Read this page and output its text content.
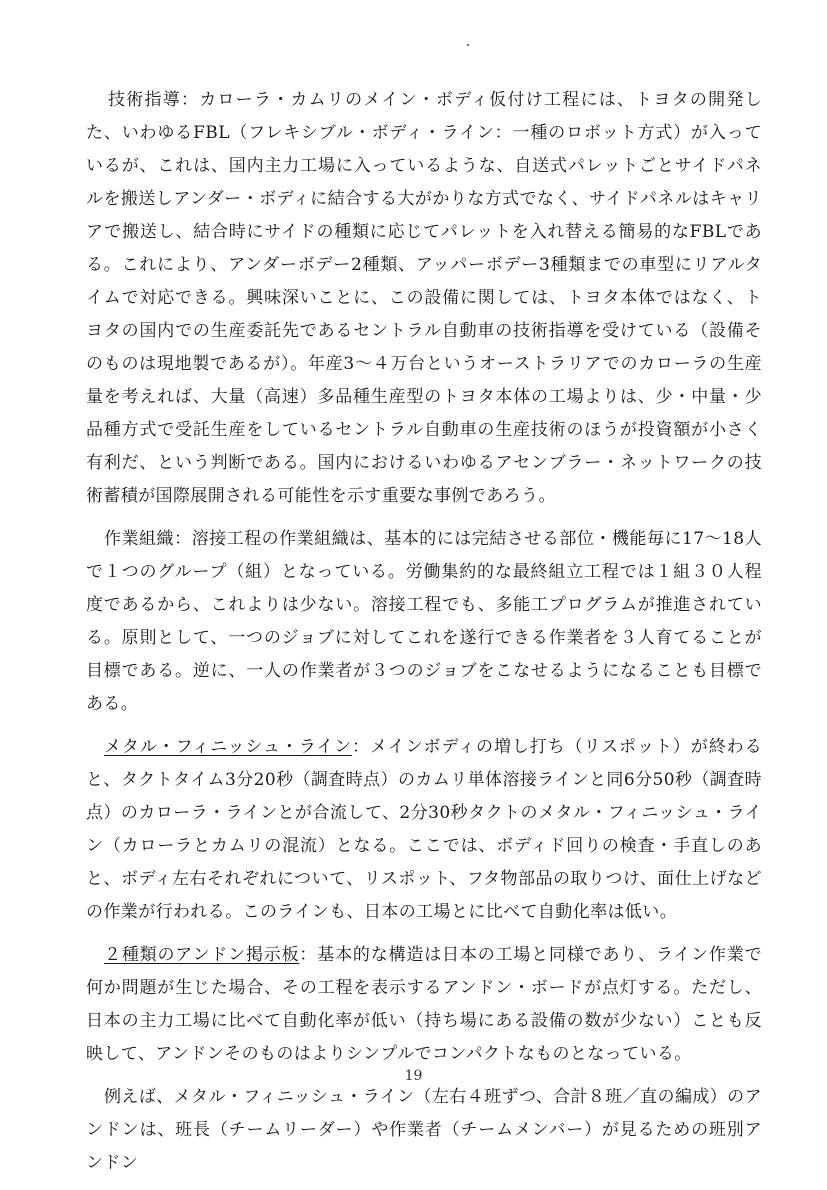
技術指導：カローラ・カムリのメイン・ボディ仮付け工程には、トヨタの開発した、いわゆるFBL（フレキシブル・ボディ・ライン：一種のロボット方式）が入っているが、これは、国内主力工場に入っているような、自送式パレットごとサイドパネルを搬送しアンダー・ボディに結合する大がかりな方式でなく、サイドパネルはキャリアで搬送し、結合時にサイドの種類に応じてパレットを入れ替える簡易的なFBLである。これにより、アンダーボデー2種類、アッパーボデー3種類までの車型にリアルタイムで対応できる。興味深いことに、この設備に関しては、トヨタ本体ではなく、トヨタの国内での生産委託先であるセントラル自動車の技術指導を受けている（設備そのものは現地製であるが）。年産3～４万台というオーストラリアでのカローラの生産量を考えれば、大量（高速）多品種生産型のトヨタ本体の工場よりは、少・中量・少品種方式で受託生産をしているセントラル自動車の生産技術のほうが投資額が小さく有利だ、という判断である。国内におけるいわゆるアセンブラー・ネットワークの技術蓄積が国際展開される可能性を示す重要な事例であろう。

作業組織：溶接工程の作業組織は、基本的には完結させる部位・機能毎に17～18人で１つのグループ（組）となっている。労働集約的な最終組立工程では１組３０人程度であるから、これよりは少ない。溶接工程でも、多能工プログラムが推進されている。原則として、一つのジョブに対してこれを遂行できる作業者を３人育てることが目標である。逆に、一人の作業者が３つのジョブをこなせるようになることも目標である。

メタル・フィニッシュ・ライン：メインボディの増し打ち（リスポット）が終わると、タクトタイム3分20秒（調査時点）のカムリ単体溶接ラインと同6分50秒（調査時点）のカローラ・ラインとが合流して、2分30秒タクトのメタル・フィニッシュ・ライン（カローラとカムリの混流）となる。ここでは、ボディド回りの検査・手直しのあと、ボディ左右それぞれについて、リスポット、フタ物部品の取りつけ、面仕上げなどの作業が行われる。このラインも、日本の工場とに比べて自動化率は低い。

２種類のアンドン掲示板：基本的な構造は日本の工場と同様であり、ライン作業で何か問題が生じた場合、その工程を表示するアンドン・ボードが点灯する。ただし、日本の主力工場に比べて自動化率が低い（持ち場にある設備の数が少ない）ことも反映して、アンドンそのものはよりシンプルでコンパクトなものとなっている。

例えば、メタル・フィニッシュ・ライン（左右４班ずつ、合計８班／直の編成）のアンドンは、班長（チームリーダー）や作業者（チームメンバー）が見るための班別アンドン

19
